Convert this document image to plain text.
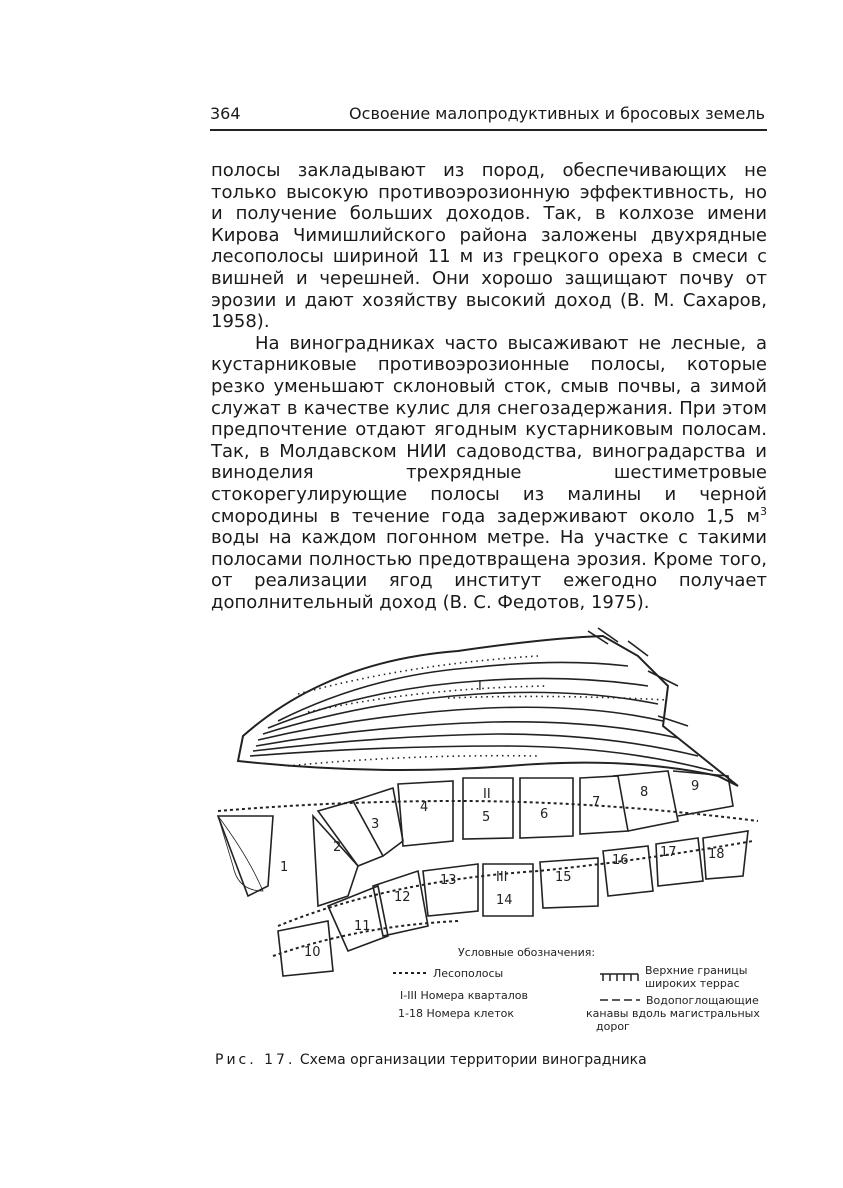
364	Освоение малопродуктивных и бросовых земель

полосы закладывают из пород, обеспечивающих не только высокую противоэрозионную эффективность, но и получение больших доходов. Так, в колхозе имени Кирова Чимишлийского района заложены двухрядные лесополосы шириной 11 м из грецкого ореха в смеси с вишней и черешней. Они хорошо защищают почву от эрозии и дают хозяйству высокий доход (В. М. Сахаров, 1958).

На виноградниках часто высаживают не лесные, а кустарниковые противоэрозионные полосы, которые резко уменьшают склоновый сток, смыв почвы, а зимой служат в качестве кулис для снегозадержания. При этом предпочтение отдают ягодным кустарниковым полосам. Так, в Молдавском НИИ садоводства, виноградарства и виноделия трехрядные шестиметровые стокорегулирующие полосы из малины и черной смородины в течение года задерживают около 1,5 $м^3$ воды на каждом погонном метре. На участке с такими полосами полностью предотвращена эрозия. Кроме того, от реализации ягод институт ежегодно получает дополнительный доход (В. С. Федотов, 1975).

I
II
III
1
2
3
4
5	6
7
8	9
10
11
12
13
14
15
16
17 18
Условные обозначения:
Лесополосы
I-III Номера кварталов
1-18 Номера клеток
Верхние границы
широких террас
Водопоглощающие
канавы вдоль магистральных
дорог
Рис. 17. Схема организации территории виноградника
